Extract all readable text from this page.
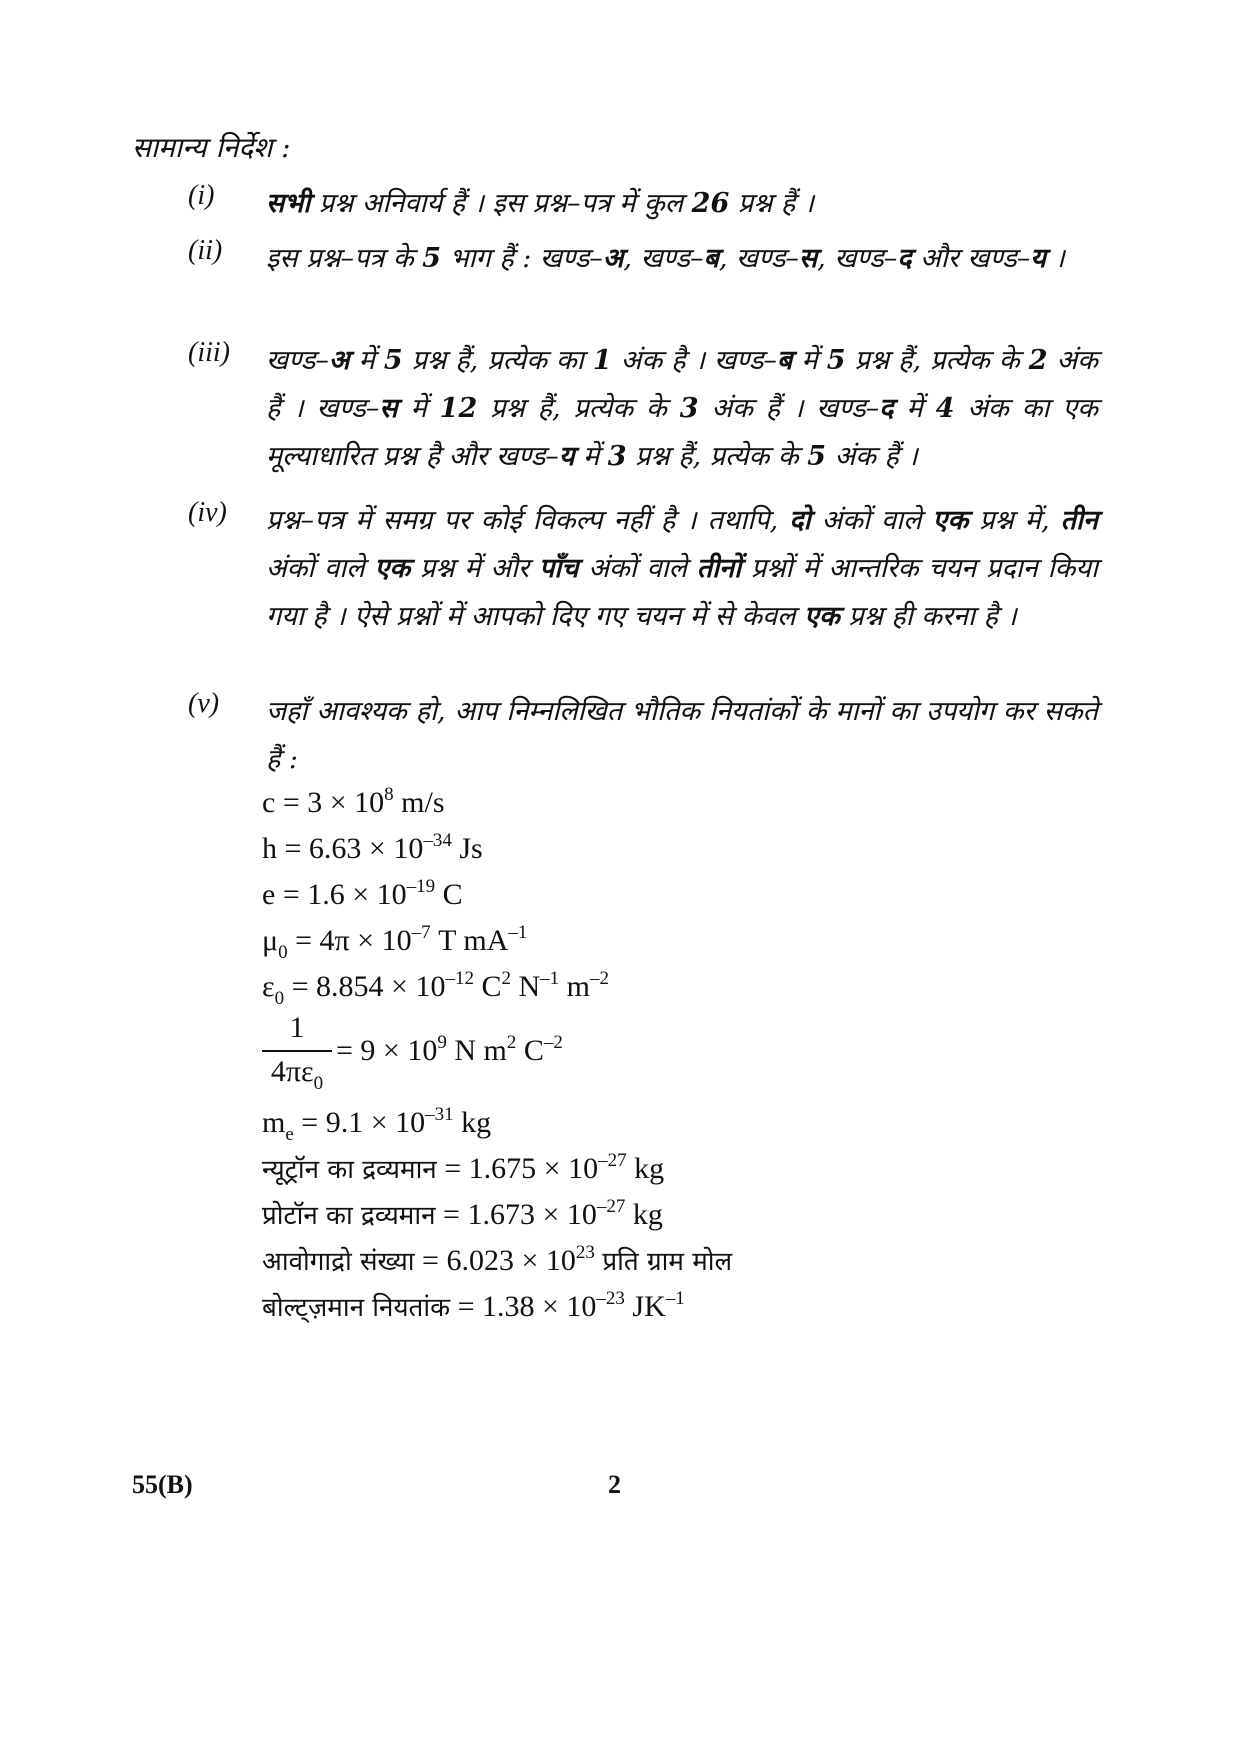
सामान्य निर्देश :
(i)	सभी प्रश्न अनिवार्य हैं । इस प्रश्न–पत्र में कुल 26 प्रश्न हैं ।
(ii)	इस प्रश्न–पत्र के 5 भाग हैं : खण्ड–अ, खण्ड–ब, खण्ड–स, खण्ड–द और खण्ड–य ।
(iii)	खण्ड–अ में 5 प्रश्न हैं, प्रत्येक का 1 अंक है । खण्ड–ब में 5 प्रश्न हैं, प्रत्येक के 2 अंक हैं । खण्ड–स में 12 प्रश्न हैं, प्रत्येक के 3 अंक हैं । खण्ड–द में 4 अंक का एक मूल्याधारित प्रश्न है और खण्ड–य में 3 प्रश्न हैं, प्रत्येक के 5 अंक हैं ।
(iv)	प्रश्न–पत्र में समग्र पर कोई विकल्प नहीं है । तथापि, दो अंकों वाले एक प्रश्न में, तीन अंकों वाले एक प्रश्न में और पाँच अंकों वाले तीनों प्रश्नों में आन्तरिक चयन प्रदान किया गया है । ऐसे प्रश्नों में आपको दिए गए चयन में से केवल एक प्रश्न ही करना है ।
(v)	जहाँ आवश्यक हो, आप निम्नलिखित भौतिक नियतांकों के मानों का उपयोग कर सकते हैं :
$c = 3 \times 10^8$ m/s
$h = 6.63 \times 10^{-34}$ Js
$e = 1.6 \times 10^{-19}$ C
$\mu_0 = 4\pi \times 10^{-7}$ T $mA^{-1}$
$\varepsilon_0 = 8.854 \times 10^{-12}$ $C^2$ $N^{-1}$ $m^{-2}$
$\frac{1}{4\pi\varepsilon_0} = 9 \times 10^9$ N $m^2$ $C^{-2}$
$m_e = 9.1 \times 10^{-31}$ kg
न्यूट्रॉन का द्रव्यमान = $1.675 \times 10^{-27}$ kg
प्रोटॉन का द्रव्यमान = $1.673 \times 10^{-27}$ kg
आवोगाद्रो संख्या = $6.023 \times 10^{23}$ प्रति ग्राम मोल
बोल्ट्ज़मान नियतांक = $1.38 \times 10^{-23}$ $JK^{-1}$
55(B)	2
